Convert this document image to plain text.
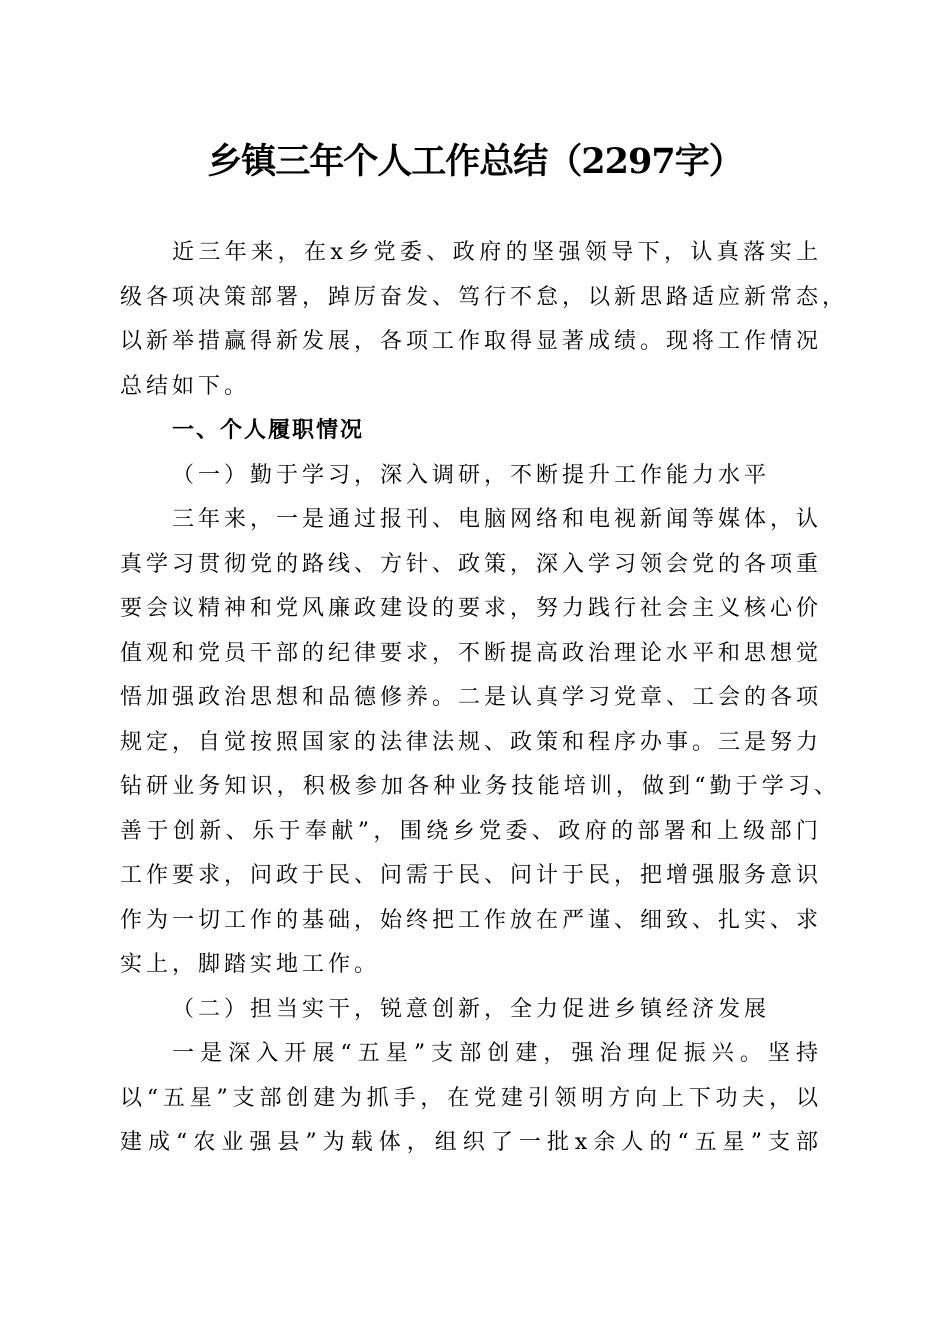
乡镇三年个人工作总结（2297字）
近三年来，在x乡党委、政府的坚强领导下，认真落实上
级各项决策部署，踔厉奋发、笃行不怠，以新思路适应新常态，
以新举措赢得新发展，各项工作取得显著成绩。现将工作情况
总结如下。
一、个人履职情况
（一）勤于学习，深入调研，不断提升工作能力水平
三年来，一是通过报刊、电脑网络和电视新闻等媒体，认
真学习贯彻党的路线、方针、政策，深入学习领会党的各项重
要会议精神和党风廉政建设的要求，努力践行社会主义核心价
值观和党员干部的纪律要求，不断提高政治理论水平和思想觉
悟加强政治思想和品德修养。二是认真学习党章、工会的各项
规定，自觉按照国家的法律法规、政策和程序办事。三是努力
钻研业务知识，积极参加各种业务技能培训，做到“勤于学习、
善于创新、乐于奉献”，围绕乡党委、政府的部署和上级部门
工作要求，问政于民、问需于民、问计于民，把增强服务意识
作为一切工作的基础，始终把工作放在严谨、细致、扎实、求
实上，脚踏实地工作。
（二）担当实干，锐意创新，全力促进乡镇经济发展
一是深入开展“五星”支部创建，强治理促振兴。坚持
以“五星”支部创建为抓手，在党建引领明方向上下功夫，以
建成“农业强县”为载体，组织了一批x余人的“五星”支部
